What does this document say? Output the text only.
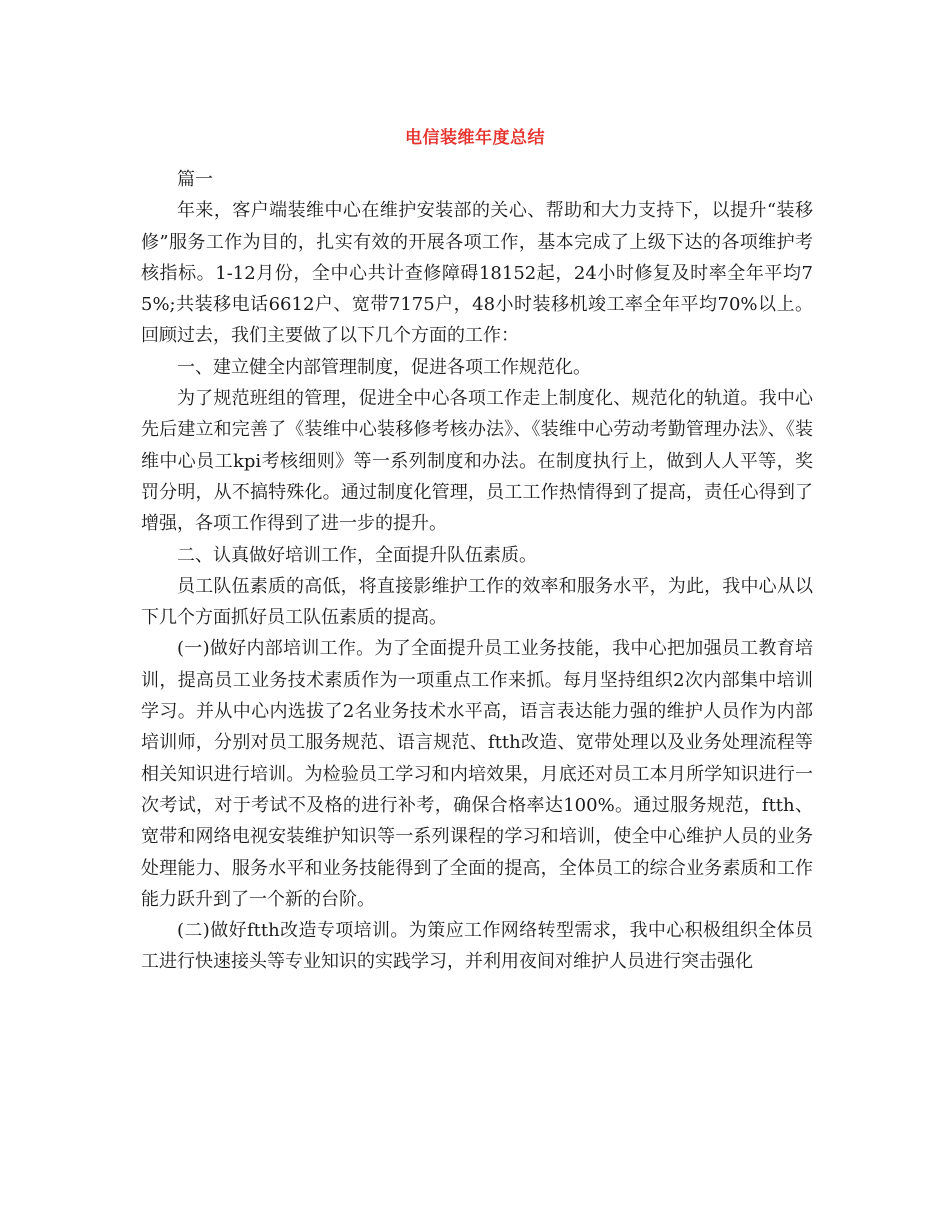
电信装维年度总结

篇一

年来，客户端装维中心在维护安装部的关心、帮助和大力支持下，以提升“装移修”服务工作为目的，扎实有效的开展各项工作，基本完成了上级下达的各项维护考核指标。1-12月份，全中心共计查修障碍18152起，24小时修复及时率全年平均75%;共装移电话6612户、宽带7175户，48小时装移机竣工率全年平均70%以上。回顾过去，我们主要做了以下几个方面的工作：

一、建立健全内部管理制度，促进各项工作规范化。

为了规范班组的管理，促进全中心各项工作走上制度化、规范化的轨道。我中心先后建立和完善了《装维中心装移修考核办法》、《装维中心劳动考勤管理办法》、《装维中心员工kpi考核细则》等一系列制度和办法。在制度执行上，做到人人平等，奖罚分明，从不搞特殊化。通过制度化管理，员工工作热情得到了提高，责任心得到了增强，各项工作得到了进一步的提升。

二、认真做好培训工作，全面提升队伍素质。

员工队伍素质的高低，将直接影维护工作的效率和服务水平，为此，我中心从以下几个方面抓好员工队伍素质的提高。

(一)做好内部培训工作。为了全面提升员工业务技能，我中心把加强员工教育培训，提高员工业务技术素质作为一项重点工作来抓。每月坚持组织2次内部集中培训学习。并从中心内选拔了2名业务技术水平高，语言表达能力强的维护人员作为内部培训师，分别对员工服务规范、语言规范、ftth改造、宽带处理以及业务处理流程等相关知识进行培训。为检验员工学习和内培效果，月底还对员工本月所学知识进行一次考试，对于考试不及格的进行补考，确保合格率达100%。通过服务规范，ftth、宽带和网络电视安装维护知识等一系列课程的学习和培训，使全中心维护人员的业务处理能力、服务水平和业务技能得到了全面的提高，全体员工的综合业务素质和工作能力跃升到了一个新的台阶。

(二)做好ftth改造专项培训。为策应工作网络转型需求，我中心积极组织全体员工进行快速接头等专业知识的实践学习，并利用夜间对维护人员进行突击强化
